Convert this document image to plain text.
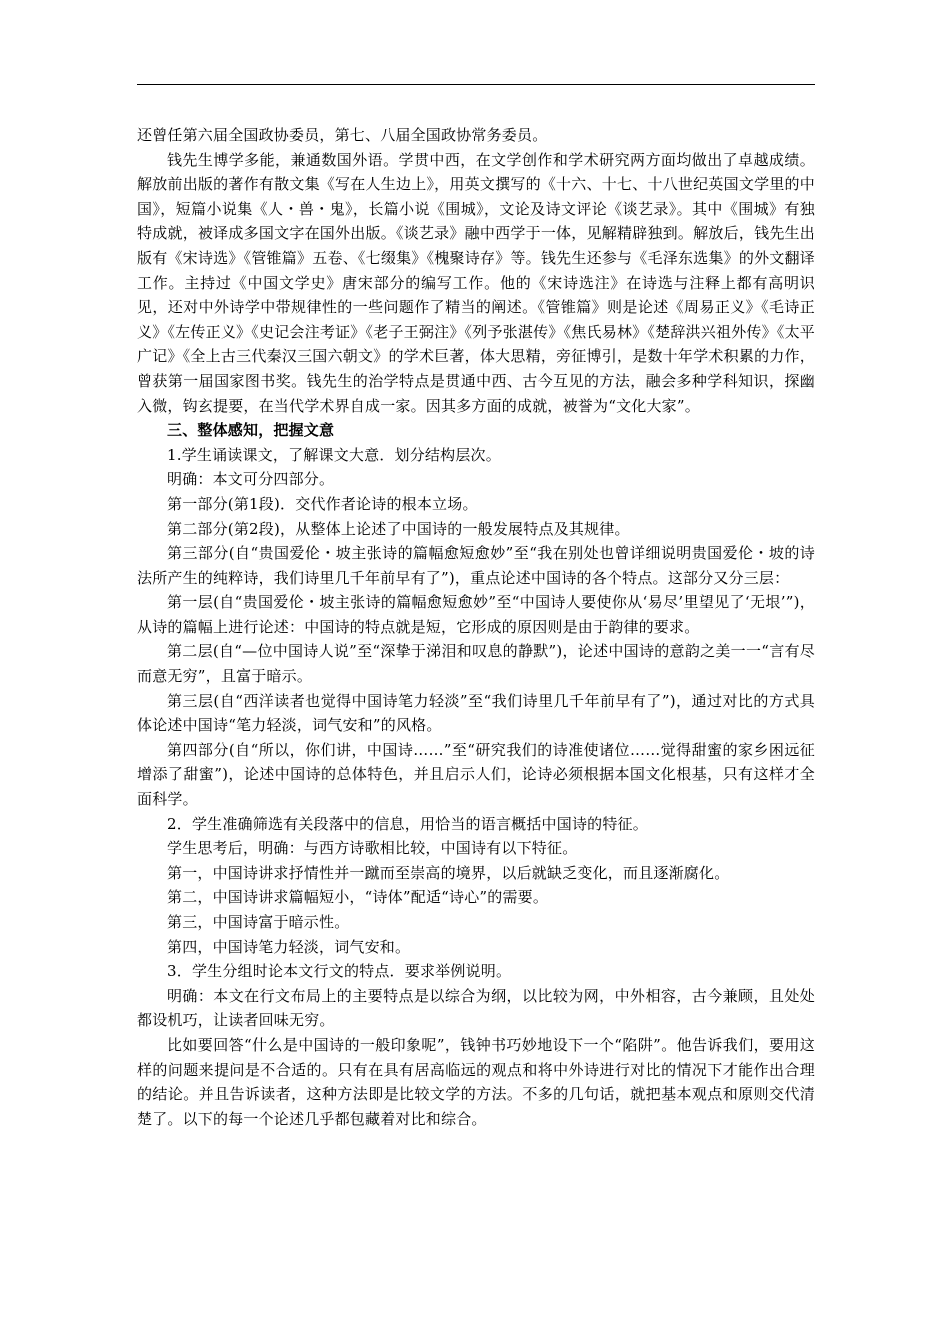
还曾任第六届全国政协委员，第七、八届全国政协常务委员。

钱先生博学多能，兼通数国外语。学贯中西，在文学创作和学术研究两方面均做出了卓越成绩。解放前出版的著作有散文集《写在人生边上》，用英文撰写的《十六、十七、十八世纪英国文学里的中国》，短篇小说集《人・兽・鬼》，长篇小说《围城》，文论及诗文评论《谈艺录》。其中《围城》有独特成就，被译成多国文字在国外出版。《谈艺录》融中西学于一体，见解精辟独到。解放后，钱先生出版有《宋诗选》《管锥篇》五卷、《七缀集》《槐聚诗存》等。钱先生还参与《毛泽东选集》的外文翻译工作。主持过《中国文学史》唐宋部分的编写工作。他的《宋诗选注》在诗选与注释上都有高明识见，还对中外诗学中带规律性的一些问题作了精当的阐述。《管锥篇》则是论述《周易正义》《毛诗正义》《左传正义》《史记会注考证》《老子王弼注》《列予张湛传》《焦氏易林》《楚辞洪兴祖外传》《太平广记》《全上古三代秦汉三国六朝文》的学术巨著，体大思精，旁征博引，是数十年学术积累的力作，曾获第一届国家图书奖。钱先生的治学特点是贯通中西、古今互见的方法，融会多种学科知识，探幽入微，钩玄提要，在当代学术界自成一家。因其多方面的成就，被誉为“文化大家”。

三、整体感知，把握文意

1.学生诵读课文，了解课文大意．划分结构层次。

明确：本文可分四部分。

第一部分(第1段)．交代作者论诗的根本立场。

第二部分(第2段)，从整体上论述了中国诗的一般发展特点及其规律。

第三部分(自“贵国爱伦・坡主张诗的篇幅愈短愈妙”至“我在别处也曾详细说明贵国爱伦・坡的诗法所产生的纯粹诗，我们诗里几千年前早有了”)，重点论述中国诗的各个特点。这部分又分三层：

第一层(自“贵国爱伦・坡主张诗的篇幅愈短愈妙”至“中国诗人要使你从‘易尽’里望见了‘无垠’”)，从诗的篇幅上进行论述：中国诗的特点就是短，它形成的原因则是由于韵律的要求。

第二层(自“—位中国诗人说”至“深挚于涕泪和叹息的静默”)，论述中国诗的意韵之美一一“言有尽而意无穷”，且富于暗示。

第三层(自“西洋读者也觉得中国诗笔力轻淡”至“我们诗里几千年前早有了”)，通过对比的方式具体论述中国诗“笔力轻淡，词气安和”的风格。

第四部分(自“所以，你们讲，中国诗……”至“研究我们的诗准使诸位……觉得甜蜜的家乡困远征增添了甜蜜”)，论述中国诗的总体特色，并且启示人们，论诗必须根据本国文化根基，只有这样才全面科学。

2．学生准确筛选有关段落中的信息，用恰当的语言概括中国诗的特征。

学生思考后，明确：与西方诗歌相比较，中国诗有以下特征。

第一，中国诗讲求抒情性并一蹴而至崇高的境界，以后就缺乏变化，而且逐渐腐化。

第二，中国诗讲求篇幅短小，“诗体”配适“诗心”的需要。

第三，中国诗富于暗示性。

第四，中国诗笔力轻淡，词气安和。

3．学生分组时论本文行文的特点．要求举例说明。

明确：本文在行文布局上的主要特点是以综合为纲，以比较为网，中外相容，古今兼顾，且处处都设机巧，让读者回味无穷。

比如要回答“什么是中国诗的一般印象呢”，钱钟书巧妙地设下一个“陷阱”。他告诉我们，要用这样的问题来提问是不合适的。只有在具有居高临远的观点和将中外诗进行对比的情况下才能作出合理的结论。并且告诉读者，这种方法即是比较文学的方法。不多的几句话，就把基本观点和原则交代清楚了。以下的每一个论述几乎都包藏着对比和综合。
